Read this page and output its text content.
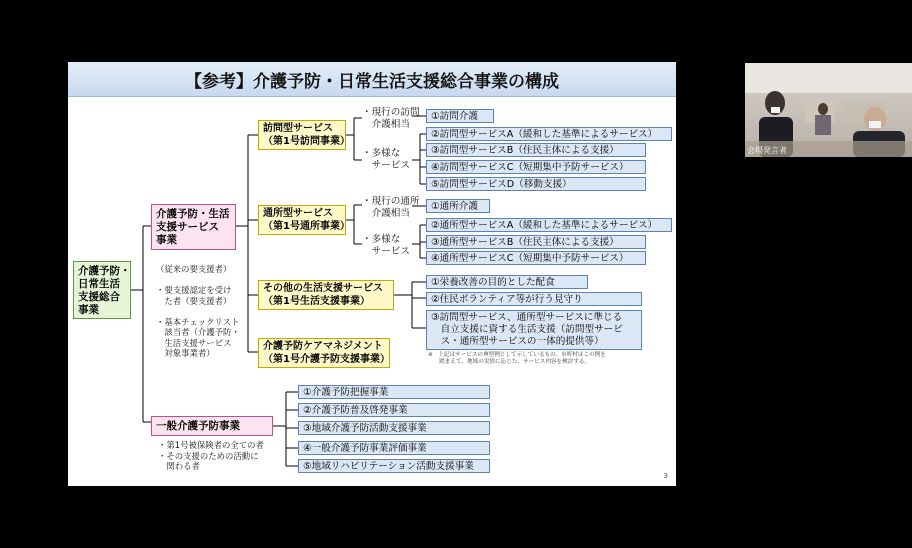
【参考】介護予防・日常生活支援総合事業の構成
介護予防・
日常生活
支援総合
事業
介護予防・生活
支援サービス
事業
（従来の要支援者）

・要支援認定を受け
　た者（要支援者）

・基本チェックリスト
　該当者（介護予防・
　生活支援サービス
　対象事業者）
訪問型サービス
（第1号訪問事業）
・現行の訪問
　介護相当
・多様な
　サービス
①訪問介護
②訪問型サービスA（緩和した基準によるサービス）
③訪問型サービスB（住民主体による支援）
④訪問型サービスC（短期集中予防サービス）
⑤訪問型サービスD（移動支援）
通所型サービス
（第1号通所事業）
・現行の通所
　介護相当
・多様な
　サービス
①通所介護
②通所型サービスA（緩和した基準によるサービス）
③通所型サービスB（住民主体による支援）
④通所型サービスC（短期集中予防サービス）
その他の生活支援サービス
（第1号生活支援事業）
①栄養改善の目的とした配食
②住民ボランティア等が行う見守り
③訪問型サービス、通所型サービスに準じる
　自立支援に資する生活支援（訪問型サービ
　ス・通所型サービスの一体的提供等）
介護予防ケアマネジメント
（第1号介護予防支援事業）	※　上記はサービスの典型例として示しているもの。市町村はこの例を
　　踏まえて、地域の実情に応じた、サービス内容を検討する。
一般介護予防事業
・第1号被保険者の全ての者
・その支援のための活動に
　関わる者
①介護予防把握事業
②介護予防普及啓発事業
③地域介護予防活動支援事業
④一般介護予防事業評価事業
⑤地域リハビリテーション活動支援事業
3
会場発言者
